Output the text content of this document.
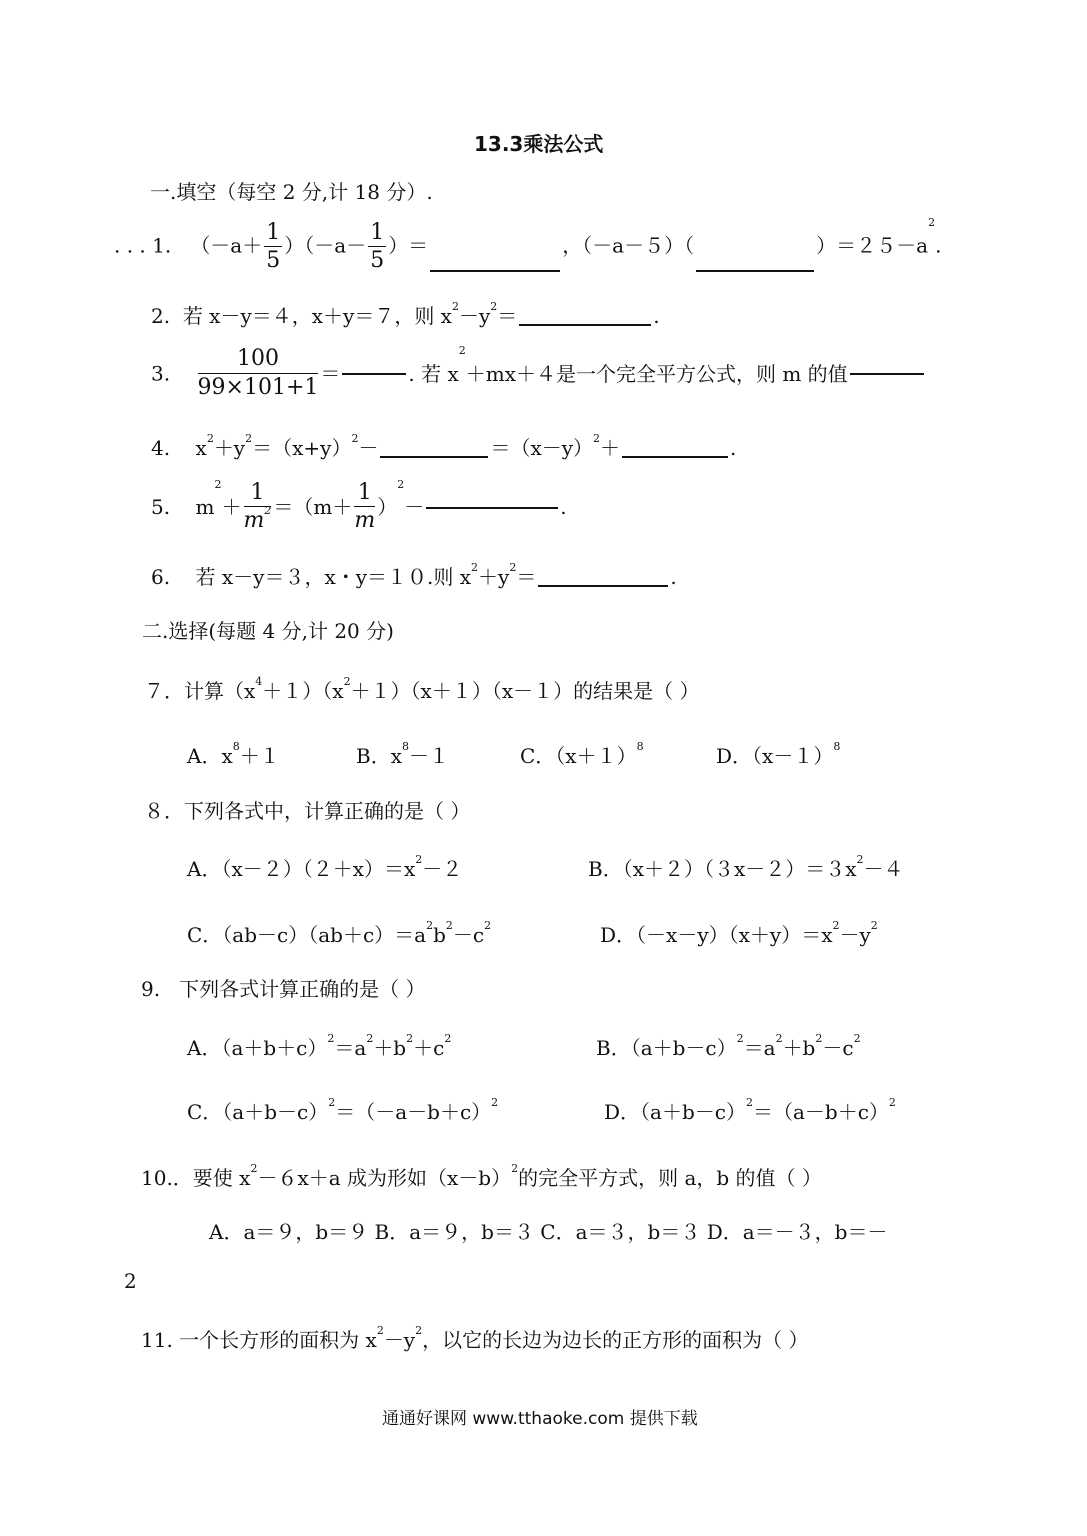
13.3乘法公式
一.填空（每空 2 分,计 18 分）.
. . . 1. $(-a+ \frac{1}{5} )(-a- \frac{1}{5}$ ）＝	，（－a－５）（	）$=25-a^2$.
2. 若 x－y＝４，x＋y＝７，则 $x^2-y^2=$	.
3. $\frac{100}{99\times 101+1}$ ＝	. 若 $x^2+mx+4$是一个完全平方公式，则 m 的值
4. $x^2+y^2=(x+y)^2-$	$=(x-y)^2+$	.
5. $m^2+ \frac{1}{m^2} =(m+ \frac{1}{m} )^2-$	.
6. 若 x－y＝３，x・y＝１０.则 $x^2+y^2=$	.
二.选择(每题 4 分,计 20 分)
７．计算$(x^4+1)(x^2+1)(x+1)(x-1)$的结果是（ ）
A．$x^8+1$	B．$x^8-1$	C．$(x+1)^8$	D．$(x-1)^8$
８．下列各式中，计算正确的是（ ）
A．$(x-2)(2+x)=x^2-2$	B．$(x+2)(3x-2)=3x^2-4$
C．$(ab-c)(ab+c)=a^2b^2-c^2$	D．$(-x-y)(x+y)=x^2-y^2$
9. 下列各式计算正确的是（ ）
A．$(a+b+c)^2=a^2+b^2+c^2$	B．$(a+b-c)^2=a^2+b^2-c^2$
C．$(a+b-c)^2=(-a-b+c)^2$	D．$(a+b-c)^2=(a-b+c)^2$
10.．要使 $x^2-6x+a$ 成为形如$(x-b)^2$的完全平方式，则 a，b 的值（ ）
A．a＝９，b＝９ B．a＝９，b＝３ C．a＝３，b＝３ D．a＝－３，b＝－
2
11. 一个长方形的面积为 $x^2-y^2$，以它的长边为边长的正方形的面积为（ ）
通通好课网 www.tthaoke.com 提供下载
